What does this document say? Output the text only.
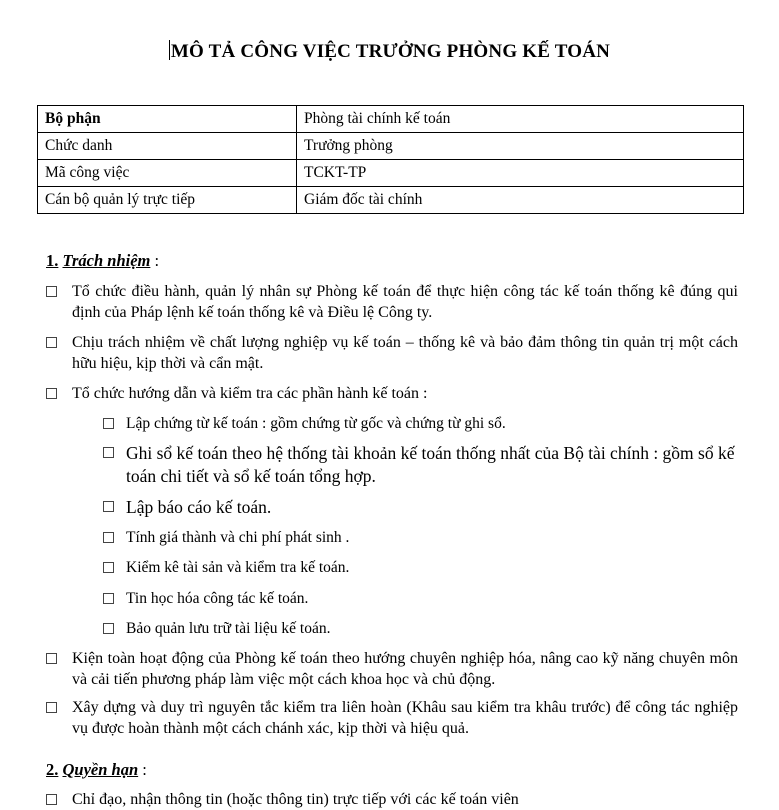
MÔ TẢ CÔNG VIỆC TRƯỞNG PHÒNG KẾ TOÁN
Bộ phận	Phòng tài chính kế toán
Chức danh	Trưởng phòng
Mã công việc	TCKT-TP
Cán bộ quản lý trực tiếp	Giám đốc tài chính
1. Trách nhiệm :
Tổ chức điều hành, quản lý nhân sự Phòng kế toán để thực hiện công tác kế toán thống kê đúng qui định của Pháp lệnh kế toán thống kê và Điều lệ Công ty.
Chịu trách nhiệm về chất lượng nghiệp vụ kế toán – thống kê và bảo đảm thông tin quản trị một cách hữu hiệu, kịp thời và cẩn mật.
Tổ chức hướng dẫn và kiểm tra các phần hành kế toán :
Lập chứng từ kế toán : gồm chứng từ gốc và chứng từ ghi sổ.
Ghi sổ kế toán theo hệ thống tài khoản kế toán thống nhất của Bộ tài chính : gồm sổ kế toán chi tiết và sổ kế toán tổng hợp.
Lập báo cáo kế toán.
Tính giá thành và chi phí phát sinh .
Kiểm kê tài sản và kiểm tra kế toán.
Tin học hóa công tác kế toán.
Bảo quản lưu trữ tài liệu kế toán.
Kiện toàn hoạt động của Phòng kế toán theo hướng chuyên nghiệp hóa, nâng cao kỹ năng chuyên môn và cải tiến phương pháp làm việc một cách khoa học và chủ động.
Xây dựng và duy trì nguyên tắc kiểm tra liên hoàn (Khâu sau kiểm tra khâu trước) để công tác nghiệp vụ được hoàn thành một cách chánh xác, kịp thời và hiệu quả.
2. Quyền hạn :
Chỉ đạo, nhận thông tin (hoặc thông tin) trực tiếp với các kế toán viên
